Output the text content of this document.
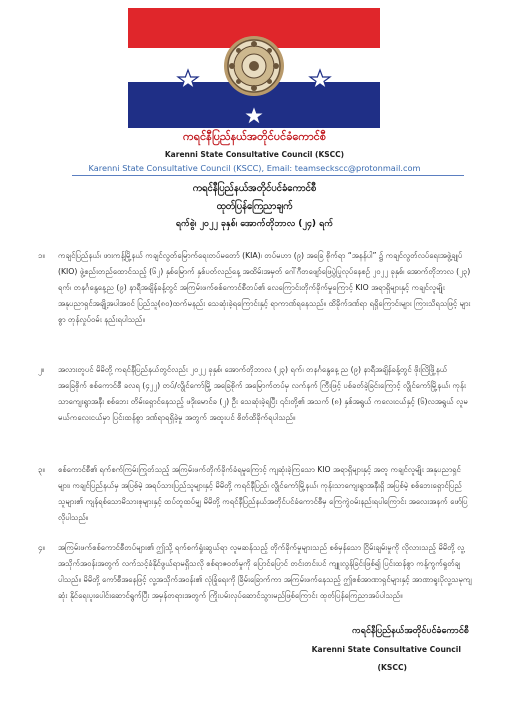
ကရင်နီပြည်နယ်အတိုင်ပင်ခံကောင်စီ
Karenni State Consultative Council (KSCC)
Karenni State Consultative Council (KSCC), Email: teamseckscc@protonmail.com
ကရင်နီပြည်နယ်အတိုင်ပင်ခံကောင်စီ
ထုတ်ပြန်ကြေညာချက်
ရက်စွဲ၊ ၂၀၂၂ ခုနှစ်၊ အောက်တိုဘာလ (၂၄) ရက်
၁။ ကချင်ပြည်နယ်၊ ဖားကန့်မြို့နယ် ကချင်လွတ်မြောက်ရေးတပ်မတော် (KIA)၊ တပ်မဟာ (၉) အခြေ စိုက်ရာ “အနန်ပါ” ၌ ကချင်လွတ်လပ်ရေးအဖွဲ့ချုပ် (KIO) ဖွဲ့စည်းတည်ထောင်သည့် (၆၂) နှစ်မြောက် နှစ်ပတ်လည်နေ့ အထိမ်းအမှတ် ဂေါ်ဂီတဖျော်ဖြေပွဲပြုလုပ်နေစဉ် ၂၀၂၂ ခုနှစ်၊ အောက်တိုဘာလ (၂၃) ရက်၊ တနင်္ဂနွေနေ့ည (၉) နာရီအချိန်ခန့်တွင် အကြမ်းဖက်စစ်ကောင်စီတပ်၏ လေကြောင်းတိုက်ခိုက်မှုကြောင့် KIO အရာရှိများနှင့် ကချင်လူမျိုး အနုပညာရှင်အချို့အပါအဝင် ပြည်သူ(၈၀)ထက်မနည်း သေဆုံးခဲ့ရကြောင်းနှင့် ရာကာဏ်ရနေသည်။ ထိခိုက်ဒဏ်ရာ ရရှိကြောင်းများ ကြားသိရသဖြင့် များစွာ တုန်လှုပ်ဝမ်း နည်းရပါသည်။
၂။ အလားတူပင် မိမိတို့ ကရင်နီပြည်နယ်တွင်လည်း ၂၀၂၂ ခုနှစ်၊ အောက်တိုဘာလ (၂၃) ရက်၊ တနင်္ဂနွေနေ့ ည (၉) နာရီအချိန်ခန့်တွင် ဖိုးလြိဖြို့နယ်အခြေစိုက် စစ်ကောင်စီ ခလရ (၄၂၂) တပ်/လွိုင်ကော်မြို့ အခြေစိုက် အမြောက်တပ်မှ လက်နက် ကြီးဖြင့် ပစ်ခတ်ခဲ့ခြင်းကြောင့် လွိုင်ကော်မြို့နယ်၊ ကုန်းသာကျေးရွာအနီး စစ်ဘေး တိမ်းရှောင်နေသည့် ဖဒိုးမောင်ခ (၂) ဦး သေဆုံးခဲ့ရပြီး ၎င်းတို့၏ အသက် (၈) နှစ်အရွယ် ကလေးငယ်နှင့် (၆)လအရွယ် လူမမယ်ကလေးငယ်မှာ ပြင်းထန်စွာ ဒဏ်ရာရရှိခဲ့မှု အတွက် အထူးပင် စိတ်ထိခိုက်ရပါသည်။
၃။ စစ်ကောင်စီ၏ ရက်စက်ကြမ်းကြုတ်သည့် အကြမ်းဖက်တိုက်ခိုက်ခံရမှုကြောင့် ကျဆုံးခဲ့ကြသော KIO အရာရှိများနှင့် အတူ ကချင်လူမျိုး အနုပညာရှင်များ၊ ကချင်ပြည်နယ်မှ အပြစ်မဲ့ အရပ်သားပြည်သူများနှင့် မိမိတို့ ကရင်နီပြည်၊ လွိုင်ကော်မြို့နယ်၊ ကုန်းသာကျေးရွာအနီးရှိ အပြစ်မဲ့ စစ်ဘေးရှောင်ပြည်သူများ၏ ကျန်ရစ်သောမိသားစုများနှင့် ထပ်တူထပ်မျှ မိမိတို့ ကရင်နီပြည်နယ်အတိုင်ပင်ခံကောင်စီမှ ကြေကွဲဝမ်းနည်းရပါကြောင်း အလေးအနက် ဖော်ပြလိုပါသည်။
၄။ အကြမ်းဖက်စစ်ကောင်စီတပ်များ၏ ဤသို့ ရက်စက်ရှုံးဆွယ်ရာ လူမဆန်သည့် တိုက်ခိုက်မှုများသည် စစ်မှန်သော ငြိမ်းချမ်းမှုကို လိုလားသည့် မိမိတို့ လူ့အသိုက်အဝန်းအတွက် လက်သင့်ခံနိုင်ဖွယ်ရာမရှိသလို စစ်ရာဇဝတ်မှုကို ပြောင်ပြောင် တင်းတင်းပင် ကျူးလွန်ခြင်းဖြစ်၍ ပြင်းထန်စွာ ကန့်ကွက်ရှုတ်ချပါသည်။ မိမိတို့ ကော်စီအနေဖြင့် လူ့အသိုက်အဝန်း၏ လုံခြုံရေးကို ခြိမ်းခြောက်ကာ အကြမ်းဖက်နေသည့် ဤစစ်အာဏာရှင်များနှင့် အာဏာရူးပိုလူ့သမုကျဆုံး နိုင်ရေးပူးပေါင်းဆောင်ရွက်ပြီး အမှန်တရားအတွက် ကြိုးပမ်းလုပ်ဆောင်သွားမည်ဖြစ်ကြောင်း ထုတ်ပြန်ကြေညာအပ်ပါသည်။
ကရင်နီပြည်နယ်အတိုင်ပင်ခံကောင်စီ
Karenni State Consultative Council
(KSCC)
